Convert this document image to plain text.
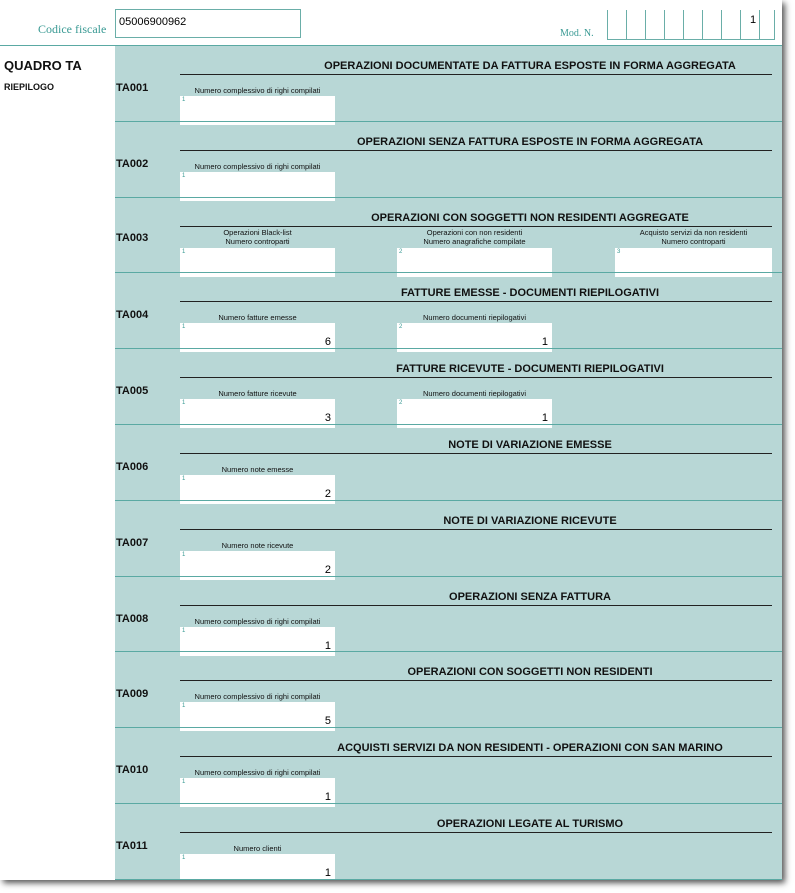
Codice fiscale	05006900962
Mod. N.
1
QUADRO TA
RIEPILOGO	TA001
OPERAZIONI DOCUMENTATE DA FATTURA ESPOSTE IN FORMA AGGREGATA
Numero complessivo di righi compilati
1
TA002
OPERAZIONI SENZA FATTURA ESPOSTE IN FORMA AGGREGATA
Numero complessivo di righi compilati
1
TA003
OPERAZIONI CON SOGGETTI NON RESIDENTI AGGREGATE
Operazioni Black-list
Numero controparti
1
Operazioni con non residenti
Numero anagrafiche compilate
2
Acquisto servizi da non residenti
Numero controparti
3
TA004
FATTURE EMESSE - DOCUMENTI RIEPILOGATIVI
Numero fatture emesse
1
6
Numero documenti riepilogativi
2
1
TA005
FATTURE RICEVUTE - DOCUMENTI RIEPILOGATIVI
Numero fatture ricevute
1
3
Numero documenti riepilogativi
2
1
TA006
NOTE DI VARIAZIONE EMESSE
Numero note emesse
1
2
TA007
NOTE DI VARIAZIONE RICEVUTE
Numero note ricevute
1
2
TA008
OPERAZIONI SENZA FATTURA
Numero complessivo di righi compilati
1
1
TA009
OPERAZIONI CON SOGGETTI NON RESIDENTI
Numero complessivo di righi compilati
1
5
TA010
ACQUISTI SERVIZI DA NON RESIDENTI - OPERAZIONI CON SAN MARINO
Numero complessivo di righi compilati
1
1
TA011
OPERAZIONI LEGATE AL TURISMO
Numero clienti
1
1
